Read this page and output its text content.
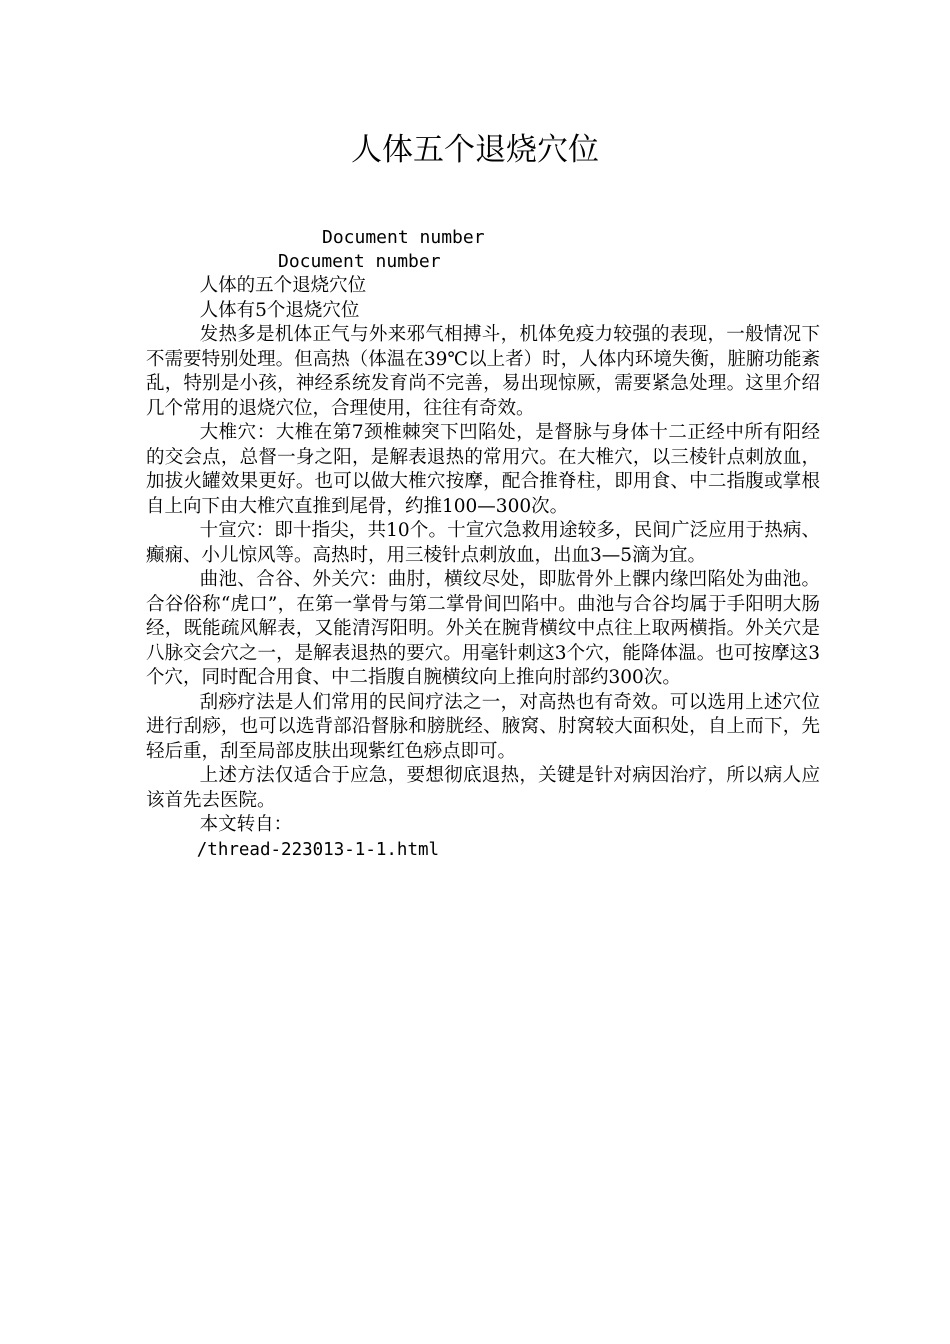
人体五个退烧穴位
Document number
Document number

人体的五个退烧穴位

人体有5个退烧穴位

发热多是机体正气与外来邪气相搏斗，机体免疫力较强的表现，一般情况下不需要特别处理。但高热（体温在39℃以上者）时，人体内环境失衡，脏腑功能紊乱，特别是小孩，神经系统发育尚不完善，易出现惊厥，需要紧急处理。这里介绍几个常用的退烧穴位，合理使用，往往有奇效。

大椎穴：大椎在第7颈椎棘突下凹陷处，是督脉与身体十二正经中所有阳经的交会点，总督一身之阳，是解表退热的常用穴。在大椎穴，以三棱针点刺放血，加拔火罐效果更好。也可以做大椎穴按摩，配合推脊柱，即用食、中二指腹或掌根自上向下由大椎穴直推到尾骨，约推100—300次。

十宣穴：即十指尖，共10个。十宣穴急救用途较多，民间广泛应用于热病、癫痫、小儿惊风等。高热时，用三棱针点刺放血，出血3—5滴为宜。

曲池、合谷、外关穴：曲肘，横纹尽处，即肱骨外上髁内缘凹陷处为曲池。合谷俗称“虎口”，在第一掌骨与第二掌骨间凹陷中。曲池与合谷均属于手阳明大肠经，既能疏风解表，又能清泻阳明。外关在腕背横纹中点往上取两横指。外关穴是八脉交会穴之一，是解表退热的要穴。用毫针刺这3个穴，能降体温。也可按摩这3个穴，同时配合用食、中二指腹自腕横纹向上推向肘部约300次。

刮痧疗法是人们常用的民间疗法之一，对高热也有奇效。可以选用上述穴位进行刮痧，也可以选背部沿督脉和膀胱经、腋窝、肘窝较大面积处，自上而下，先轻后重，刮至局部皮肤出现紫红色痧点即可。

上述方法仅适合于应急，要想彻底退热，关键是针对病因治疗，所以病人应该首先去医院。

本文转自：

/thread-223013-1-1.html
